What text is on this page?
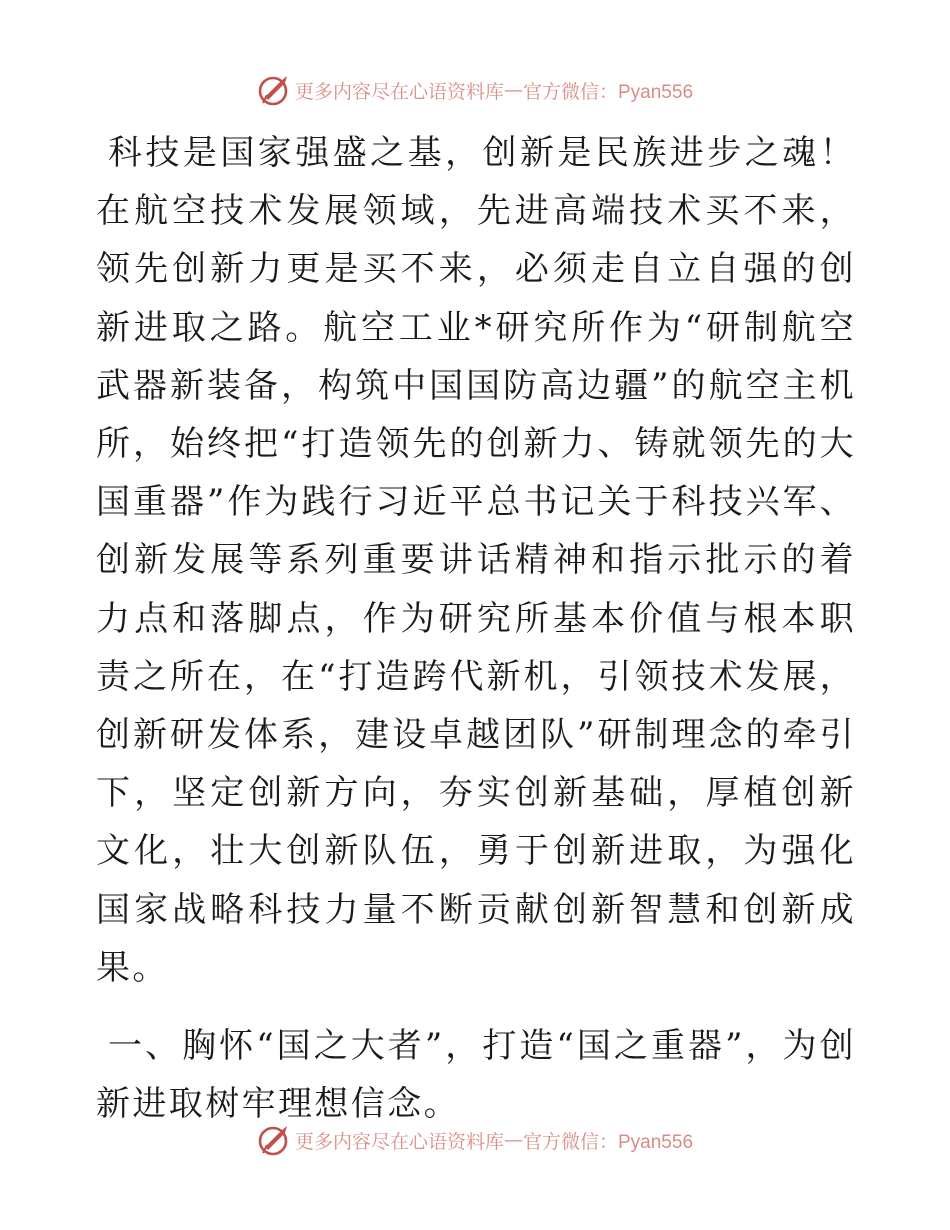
更多内容尽在心语资料库 — 官方微信：Pyan556

科技是国家强盛之基，创新是民族进步之魂！在航空技术发展领域，先进高端技术买不来，领先创新力更是买不来，必须走自立自强的创新进取之路。航空工业*研究所作为“研制航空武器新装备，构筑中国国防高边疆”的航空主机所，始终把“打造领先的创新力、铸就领先的大国重器”作为践行习近平总书记关于科技兴军、创新发展等系列重要讲话精神和指示批示的着力点和落脚点，作为研究所基本价值与根本职责之所在，在“打造跨代新机，引领技术发展，创新研发体系，建设卓越团队”研制理念的牵引下，坚定创新方向，夯实创新基础，厚植创新文化，壮大创新队伍，勇于创新进取，为强化国家战略科技力量不断贡献创新智慧和创新成果。

一、胸怀“国之大者”，打造“国之重器”，为创新进取树牢理想信念。

更多内容尽在心语资料库 — 官方微信：Pyan556
